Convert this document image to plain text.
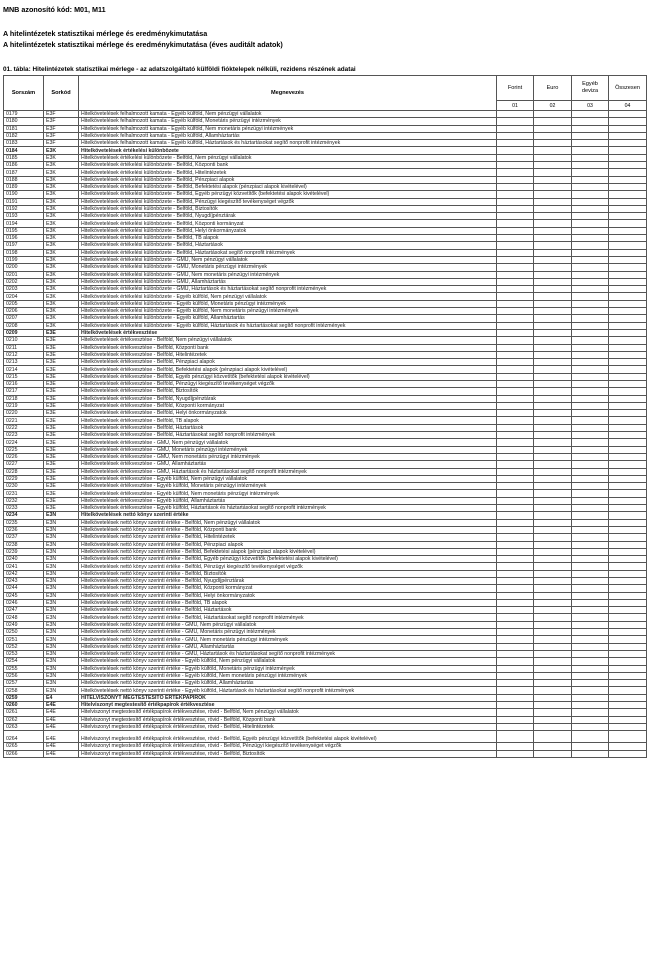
MNB azonosító kód: M01, M11
A hitelintézetek statisztikai mérlege és eredménykimutatása
A hitelintézetek statisztikai mérlege és eredménykimutatása (éves auditált adatok)
01. tábla: Hitelintézetek statisztikai mérlege - az adatszolgáltató külföldi fióktelepek nélküli, rezidens részének adatai
Sorszám	Sorkód	Megnevezés	Forint	Euro	Egyéb deviza	Összesen
			01	02	03	04
0179	E3F	Hitelkövetelések felhalmozott kamata - Egyéb külföld, Nem pénzügyi vállalatok				
0180	E3F	Hitelkövetelések felhalmozott kamata - Egyéb külföld, Monetáris pénzügyi intézmények				
0181	E3F	Hitelkövetelések felhalmozott kamata - Egyéb külföld, Nem monetáris pénzügyi intézmények				
0182	E3F	Hitelkövetelések felhalmozott kamata - Egyéb külföld, Államháztartás				
0183	E3F	Hitelkövetelések felhalmozott kamata - Egyéb külföld, Háztartások és háztartásokat segítő nonprofit intézmények				
0184	E3K	Hitelkövetelések értékelési különbözete				
0185	E3K	Hitelkövetelések értékelési különbözete - Belföld, Nem pénzügyi vállalatok				
0186	E3K	Hitelkövetelések értékelési különbözete - Belföld, Központi bank				
0187	E3K	Hitelkövetelések értékelési különbözete - Belföld, Hitelintézetek				
0188	E3K	Hitelkövetelések értékelési különbözete - Belföld, Pénzpiaci alapok				
0189	E3K	Hitelkövetelések értékelési különbözete - Belföld, Befektetési alapok (pénzpiaci alapok kivételével)				
0190	E3K	Hitelkövetelések értékelési különbözete - Belföld, Egyéb pénzügyi közvetítők (befektetési alapok kivételével)				
0191	E3K	Hitelkövetelések értékelési különbözete - Belföld, Pénzügyi kiegészítő tevékenységet végzők				
0192	E3K	Hitelkövetelések értékelési különbözete - Belföld, Biztosítók				
0193	E3K	Hitelkövetelések értékelési különbözete - Belföld, Nyugdíjpénztárak				
0194	E3K	Hitelkövetelések értékelési különbözete - Belföld, Központi kormányzat				
0195	E3K	Hitelkövetelések értékelési különbözete - Belföld, Helyi önkormányzatok				
0196	E3K	Hitelkövetelések értékelési különbözete - Belföld, TB alapok				
0197	E3K	Hitelkövetelések értékelési különbözete - Belföld, Háztartások				
0198	E3K	Hitelkövetelések értékelési különbözete - Belföld, Háztartásokat segítő nonprofit intézmények				
0199	E3K	Hitelkövetelések értékelési különbözete - GMU, Nem pénzügyi vállalatok				
0200	E3K	Hitelkövetelések értékelési különbözete - GMU, Monetáris pénzügyi intézmények				
0201	E3K	Hitelkövetelések értékelési különbözete - GMU, Nem monetáris pénzügyi intézmények				
0202	E3K	Hitelkövetelések értékelési különbözete - GMU, Államháztartás				
0203	E3K	Hitelkövetelések értékelési különbözete - GMU, Háztartások és háztartásokat segítő nonprofit intézmények				
0204	E3K	Hitelkövetelések értékelési különbözete - Egyéb külföld, Nem pénzügyi vállalatok				
0205	E3K	Hitelkövetelések értékelési különbözete - Egyéb külföld, Monetáris pénzügyi intézmények				
0206	E3K	Hitelkövetelések értékelési különbözete - Egyéb külföld, Nem monetáris pénzügyi intézmények				
0207	E3K	Hitelkövetelések értékelési különbözete - Egyéb külföld, Államháztartás				
0208	E3K	Hitelkövetelések értékelési különbözete - Egyéb külföld, Háztartások és háztartásokat segítő nonprofit intézmények				
0209	E3E	Hitelkövetelések értékvesztése				
0210	E3E	Hitelkövetelések értékvesztése - Belföld, Nem pénzügyi vállalatok				
0211	E3E	Hitelkövetelések értékvesztése - Belföld, Központi bank				
0212	E3E	Hitelkövetelések értékvesztése - Belföld, Hitelintézetek				
0213	E3E	Hitelkövetelések értékvesztése - Belföld, Pénzpiaci alapok				
0214	E3E	Hitelkövetelések értékvesztése - Belföld, Befektetési alapok (pénzpiaci alapok kivételével)				
0215	E3E	Hitelkövetelések értékvesztése - Belföld, Egyéb pénzügyi közvetítők (befektetési alapok kivételével)				
0216	E3E	Hitelkövetelések értékvesztése - Belföld, Pénzügyi kiegészítő tevékenységet végzők				
0217	E3E	Hitelkövetelések értékvesztése - Belföld, Biztosítók				
0218	E3E	Hitelkövetelések értékvesztése - Belföld, Nyugdíjpénztárak				
0219	E3E	Hitelkövetelések értékvesztése - Belföld, Központi kormányzat				
0220	E3E	Hitelkövetelések értékvesztése - Belföld, Helyi önkormányzatok				
0221	E3E	Hitelkövetelések értékvesztése - Belföld, TB alapok				
0222	E3E	Hitelkövetelések értékvesztése - Belföld, Háztartások				
0223	E3E	Hitelkövetelések értékvesztése - Belföld, Háztartásokat segítő nonprofit intézmények				
0224	E3E	Hitelkövetelések értékvesztése - GMU, Nem pénzügyi vállalatok				
0225	E3E	Hitelkövetelések értékvesztése - GMU, Monetáris pénzügyi intézmények				
0226	E3E	Hitelkövetelések értékvesztése - GMU, Nem monetáris pénzügyi intézmények				
0227	E3E	Hitelkövetelések értékvesztése - GMU, Államháztartás				
0228	E3E	Hitelkövetelések értékvesztése - GMU, Háztartások és háztartásokat segítő nonprofit intézmények				
0229	E3E	Hitelkövetelések értékvesztése - Egyéb külföld, Nem pénzügyi vállalatok				
0230	E3E	Hitelkövetelések értékvesztése - Egyéb külföld, Monetáris pénzügyi intézmények				
0231	E3E	Hitelkövetelések értékvesztése - Egyéb külföld, Nem monetáris pénzügyi intézmények				
0232	E3E	Hitelkövetelések értékvesztése - Egyéb külföld, Államháztartás				
0233	E3E	Hitelkövetelések értékvesztése - Egyéb külföld, Háztartások és háztartásokat segítő nonprofit intézmények				
0234	E3N	Hitelkövetelések nettó könyv szerinti értéke				
0235	E3N	Hitelkövetelések nettó könyv szerinti értéke - Belföld, Nem pénzügyi vállalatok				
0236	E3N	Hitelkövetelések nettó könyv szerinti értéke - Belföld, Központi bank				
0237	E3N	Hitelkövetelések nettó könyv szerinti értéke - Belföld, Hitelintézetek				
0238	E3N	Hitelkövetelések nettó könyv szerinti értéke - Belföld, Pénzpiaci alapok				
0239	E3N	Hitelkövetelések nettó könyv szerinti értéke - Belföld, Befektetési alapok (pénzpiaci alapok kivételével)				
0240	E3N	Hitelkövetelések nettó könyv szerinti értéke - Belföld, Egyéb pénzügyi közvetítők (befektetési alapok kivételével)				
0241	E3N	Hitelkövetelések nettó könyv szerinti értéke - Belföld, Pénzügyi kiegészítő tevékenységet végzők				
0242	E3N	Hitelkövetelések nettó könyv szerinti értéke - Belföld, Biztosítók				
0243	E3N	Hitelkövetelések nettó könyv szerinti értéke - Belföld, Nyugdíjpénztárak				
0244	E3N	Hitelkövetelések nettó könyv szerinti értéke - Belföld, Központi kormányzat				
0245	E3N	Hitelkövetelések nettó könyv szerinti értéke - Belföld, Helyi önkormányzatok				
0246	E3N	Hitelkövetelések nettó könyv szerinti értéke - Belföld, TB alapok				
0247	E3N	Hitelkövetelések nettó könyv szerinti értéke - Belföld, Háztartások				
0248	E3N	Hitelkövetelések nettó könyv szerinti értéke - Belföld, Háztartásokat segítő nonprofit intézmények				
0249	E3N	Hitelkövetelések nettó könyv szerinti értéke - GMU, Nem pénzügyi vállalatok				
0250	E3N	Hitelkövetelések nettó könyv szerinti értéke - GMU, Monetáris pénzügyi intézmények				
0251	E3N	Hitelkövetelések nettó könyv szerinti értéke - GMU, Nem monetáris pénzügyi intézmények				
0252	E3N	Hitelkövetelések nettó könyv szerinti értéke - GMU, Államháztartás				
0253	E3N	Hitelkövetelések nettó könyv szerinti értéke - GMU, Háztartások és háztartásokat segítő nonprofit intézmények				
0254	E3N	Hitelkövetelések nettó könyv szerinti értéke - Egyéb külföld, Nem pénzügyi vállalatok				
0255	E3N	Hitelkövetelések nettó könyv szerinti értéke - Egyéb külföld, Monetáris pénzügyi intézmények				
0256	E3N	Hitelkövetelések nettó könyv szerinti értéke - Egyéb külföld, Nem monetáris pénzügyi intézmények				
0257	E3N	Hitelkövetelések nettó könyv szerinti értéke - Egyéb külföld, Államháztartás				
0258	E3N	Hitelkövetelések nettó könyv szerinti értéke - Egyéb külföld, Háztartások és háztartásokat segítő nonprofit intézmények				
0259	E4	HITELVISZONYT MEGTESTESÍTŐ ÉRTÉKPAPÍROK				
0260	E4E	Hitelviszonyt megtestesítő értékpapírok értékvesztése				
0261	E4E	Hitelviszonyt megtestesítő értékpapírok értékvesztése, rövid - Belföld, Nem pénzügyi vállalatok				
0262	E4E	Hitelviszonyt megtestesítő értékpapírok értékvesztése, rövid - Belföld, Központi bank				
0263	E4E	Hitelviszonyt megtestesítő értékpapírok értékvesztése, rövid - Belföld, Hitelintézetek				
0264	E4E	Hitelviszonyt megtestesítő értékpapírok értékvesztése, rövid - Belföld, Egyéb pénzügyi közvetítők (befektetési alapok kivételével)				
0265	E4E	Hitelviszonyt megtestesítő értékpapírok értékvesztése, rövid - Belföld, Pénzügyi kiegészítő tevékenységet végzők				
0266	E4E	Hitelviszonyt megtestesítő értékpapírok értékvesztése, rövid - Belföld, Biztosítók				
